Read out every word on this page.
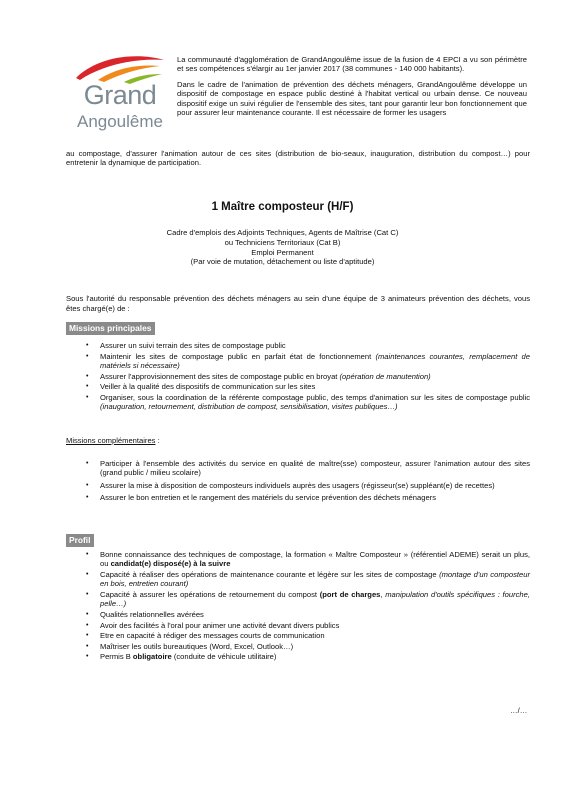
Grand
Angoulême

La communauté d'agglomération de GrandAngoulême issue de la fusion de 4 EPCI a vu son périmètre et ses compétences s'élargir au 1er janvier 2017 (38 communes - 140 000 habitants).

Dans le cadre de l'animation de prévention des déchets ménagers, GrandAngoulême développe un dispositif de compostage en espace public destiné à l'habitat vertical ou urbain dense. Ce nouveau dispositif exige un suivi régulier de l'ensemble des sites, tant pour garantir leur bon fonctionnement que pour assurer leur maintenance courante. Il est nécessaire de former les usagers

au compostage, d'assurer l'animation autour de ces sites (distribution de bio-seaux, inauguration, distribution du compost…) pour entretenir la dynamique de participation.
1 Maître composteur (H/F)
Cadre d'emplois des Adjoints Techniques, Agents de Maîtrise (Cat C)
ou Techniciens Territoriaux (Cat B)
Emploi Permanent
(Par voie de mutation, détachement ou liste d'aptitude)
Sous l'autorité du responsable prévention des déchets ménagers au sein d'une équipe de 3 animateurs prévention des déchets, vous êtes chargé(e) de :
Missions principales
• Assurer un suivi terrain des sites de compostage public
• Maintenir les sites de compostage public en parfait état de fonctionnement (maintenances courantes, remplacement de matériels si nécessaire)
• Assurer l'approvisionnement des sites de compostage public en broyat (opération de manutention)
• Veiller à la qualité des dispositifs de communication sur les sites
• Organiser, sous la coordination de la référente compostage public, des temps d'animation sur les sites de compostage public (inauguration, retournement, distribution de compost, sensibilisation, visites publiques…)
Missions complémentaires :
• Participer à l'ensemble des activités du service en qualité de maître(sse) composteur, assurer l'animation autour des sites (grand public / milieu scolaire)
• Assurer la mise à disposition de composteurs individuels auprès des usagers (régisseur(se) suppléant(e) de recettes)
• Assurer le bon entretien et le rangement des matériels du service prévention des déchets ménagers
Profil
• Bonne connaissance des techniques de compostage, la formation « Maître Composteur » (référentiel ADEME) serait un plus, ou candidat(e) disposé(e) à la suivre
• Capacité à réaliser des opérations de maintenance courante et légère sur les sites de compostage (montage d'un composteur en bois, entretien courant)
• Capacité à assurer les opérations de retournement du compost (port de charges, manipulation d'outils spécifiques : fourche, pelle…)
• Qualités relationnelles avérées
• Avoir des facilités à l'oral pour animer une activité devant divers publics
• Etre en capacité à rédiger des messages courts de communication
• Maîtriser les outils bureautiques (Word, Excel, Outlook…)
• Permis B obligatoire (conduite de véhicule utilitaire)
…/…
